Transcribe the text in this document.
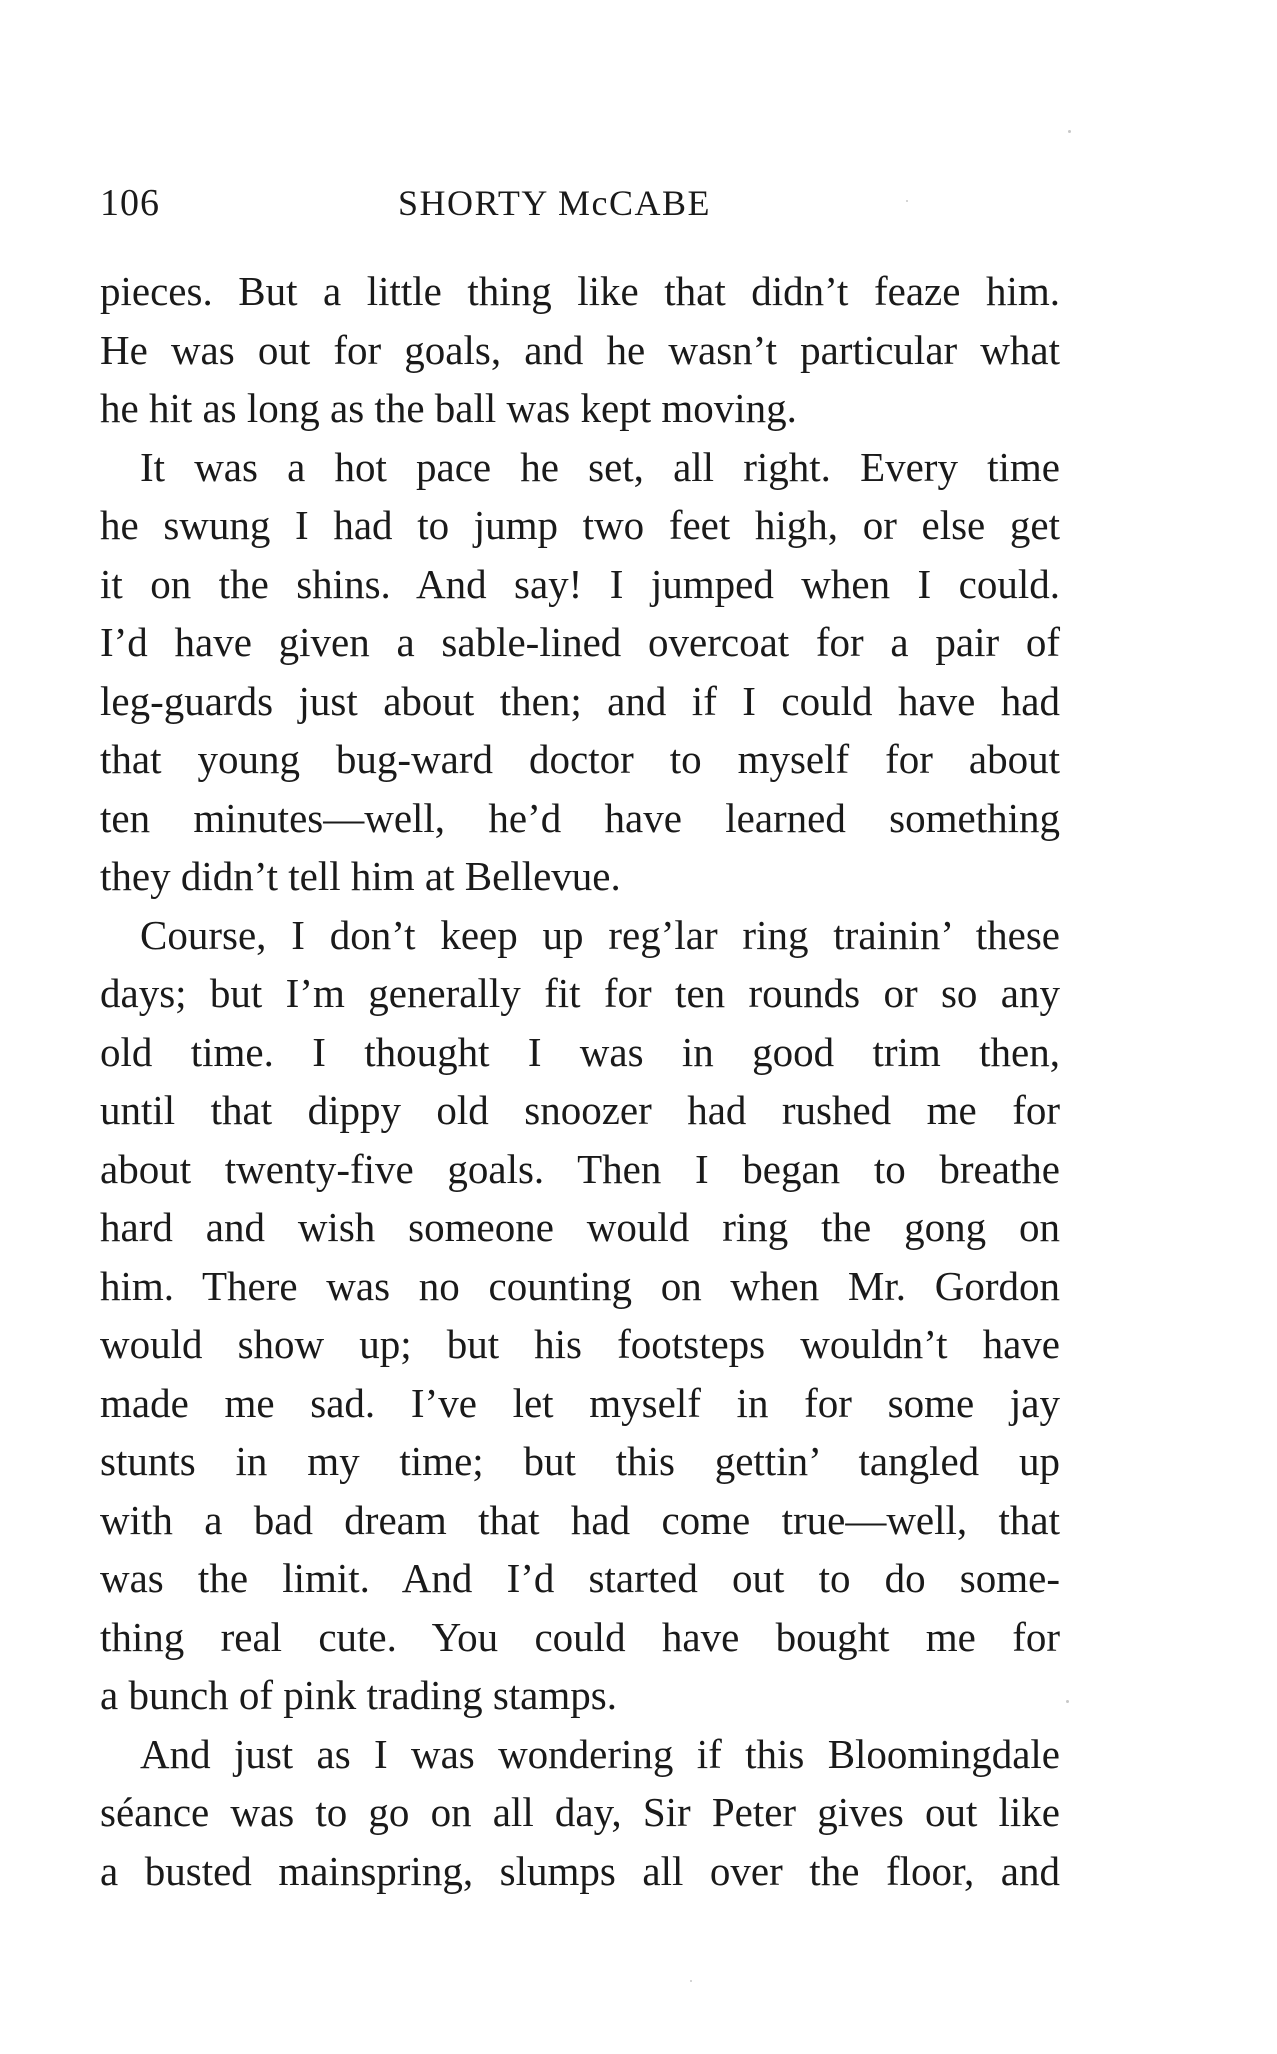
106	SHORTY McCABE
pieces. But a little thing like that didn’t feaze him.
He was out for goals, and he wasn’t particular what
he hit as long as the ball was kept moving.
It was a hot pace he set, all right. Every time
he swung I had to jump two feet high, or else get
it on the shins. And say! I jumped when I could.
I’d have given a sable-lined overcoat for a pair of
leg-guards just about then; and if I could have had
that young bug-ward doctor to myself for about
ten minutes—well, he’d have learned something
they didn’t tell him at Bellevue.
Course, I don’t keep up reg’lar ring trainin’ these
days; but I’m generally fit for ten rounds or so any
old time. I thought I was in good trim then,
until that dippy old snoozer had rushed me for
about twenty-five goals. Then I began to breathe
hard and wish someone would ring the gong on
him. There was no counting on when Mr. Gordon
would show up; but his footsteps wouldn’t have
made me sad. I’ve let myself in for some jay
stunts in my time; but this gettin’ tangled up
with a bad dream that had come true—well, that
was the limit. And I’d started out to do some-
thing real cute. You could have bought me for
a bunch of pink trading stamps.
And just as I was wondering if this Bloomingdale
séance was to go on all day, Sir Peter gives out like
a busted mainspring, slumps all over the floor, and
